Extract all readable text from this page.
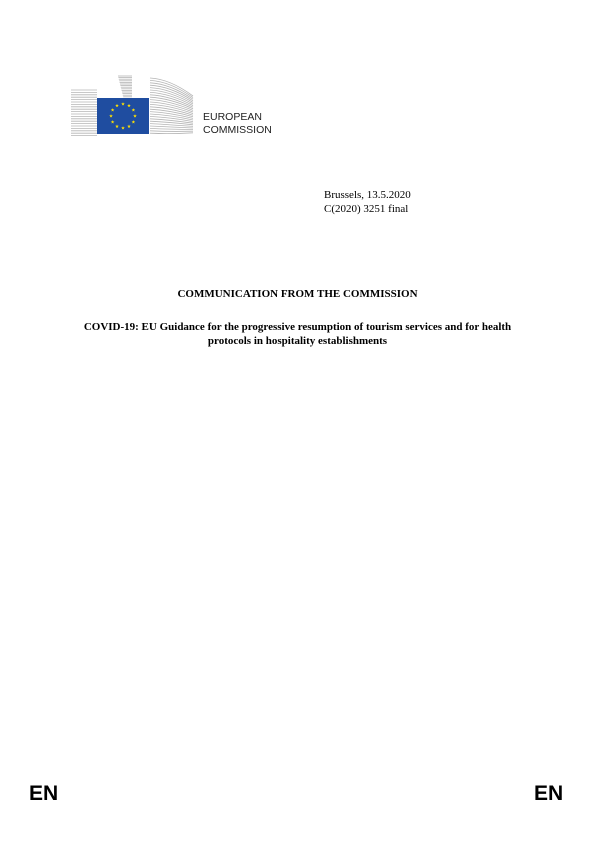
EUROPEAN
COMMISSION
Brussels, 13.5.2020
C(2020) 3251 final
COMMUNICATION FROM THE COMMISSION
COVID-19: EU Guidance for the progressive resumption of tourism services and for health protocols in hospitality establishments
EN	EN
